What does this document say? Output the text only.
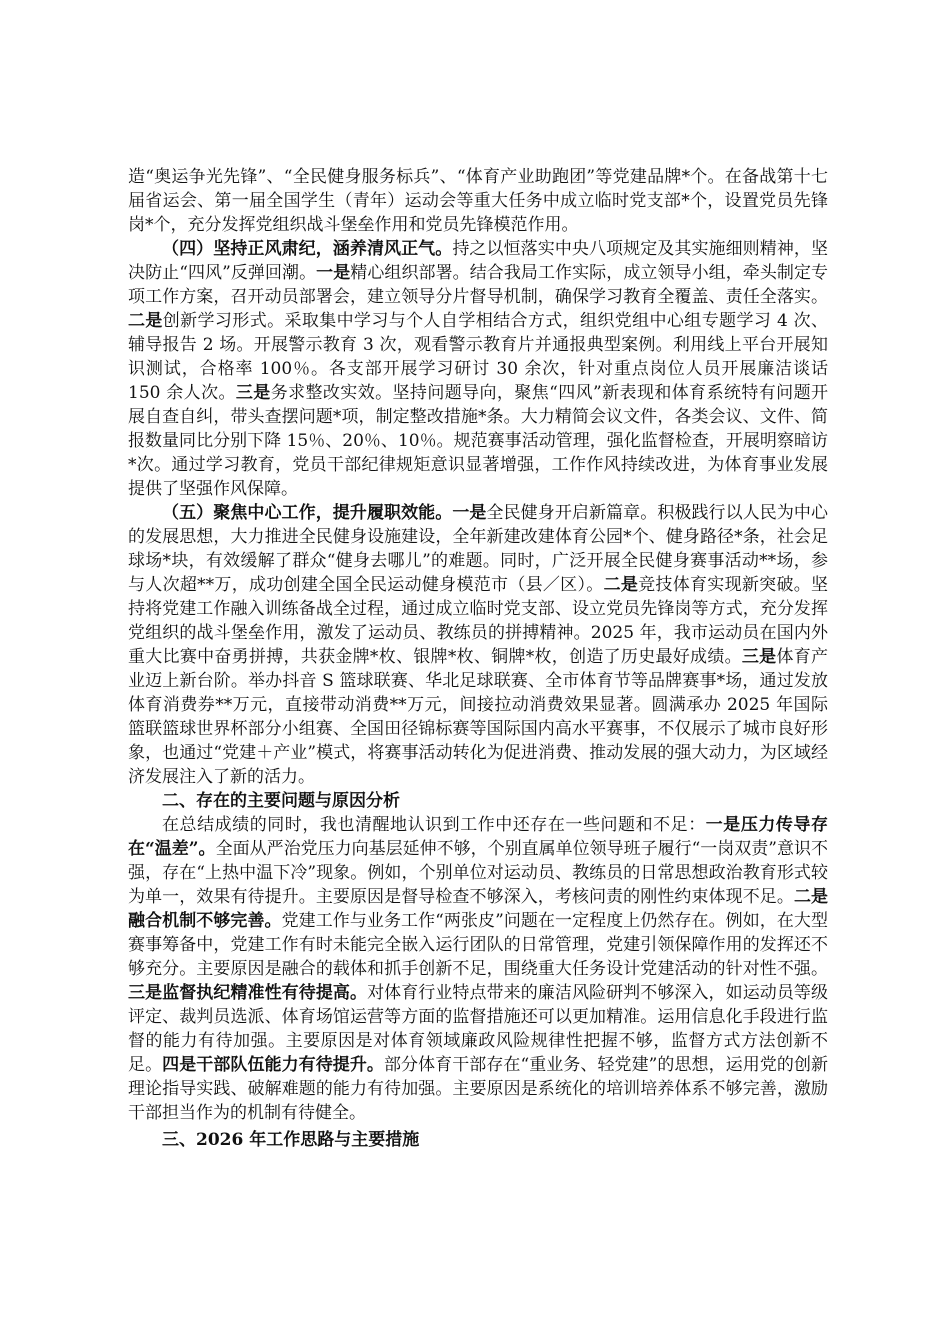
造“奥运争光先锋”、“全民健身服务标兵”、“体育产业助跑团”等党建品牌*个。在备战第十七届省运会、第一届全国学生（青年）运动会等重大任务中成立临时党支部*个，设置党员先锋岗*个，充分发挥党组织战斗堡垒作用和党员先锋模范作用。

（四）坚持正风肃纪，涵养清风正气。持之以恒落实中央八项规定及其实施细则精神，坚决防止“四风”反弹回潮。一是精心组织部署。结合我局工作实际，成立领导小组，牵头制定专项工作方案，召开动员部署会，建立领导分片督导机制，确保学习教育全覆盖、责任全落实。二是创新学习形式。采取集中学习与个人自学相结合方式，组织党组中心组专题学习 4 次、辅导报告 2 场。开展警示教育 3 次，观看警示教育片并通报典型案例。利用线上平台开展知识测试，合格率 100％。各支部开展学习研讨 30 余次，针对重点岗位人员开展廉洁谈话 150 余人次。三是务求整改实效。坚持问题导向，聚焦“四风”新表现和体育系统特有问题开展自查自纠，带头查摆问题*项，制定整改措施*条。大力精简会议文件，各类会议、文件、简报数量同比分别下降 15％、20％、10％。规范赛事活动管理，强化监督检查，开展明察暗访*次。通过学习教育，党员干部纪律规矩意识显著增强，工作作风持续改进，为体育事业发展提供了坚强作风保障。

（五）聚焦中心工作，提升履职效能。一是全民健身开启新篇章。积极践行以人民为中心的发展思想，大力推进全民健身设施建设，全年新建改建体育公园*个、健身路径*条，社会足球场*块，有效缓解了群众“健身去哪儿”的难题。同时，广泛开展全民健身赛事活动**场，参与人次超**万，成功创建全国全民运动健身模范市（县／区）。二是竞技体育实现新突破。坚持将党建工作融入训练备战全过程，通过成立临时党支部、设立党员先锋岗等方式，充分发挥党组织的战斗堡垒作用，激发了运动员、教练员的拼搏精神。2025 年，我市运动员在国内外重大比赛中奋勇拼搏，共获金牌*枚、银牌*枚、铜牌*枚，创造了历史最好成绩。三是体育产业迈上新台阶。举办抖音 S 篮球联赛、华北足球联赛、全市体育节等品牌赛事*场，通过发放体育消费券**万元，直接带动消费**万元，间接拉动消费效果显著。圆满承办 2025 年国际篮联篮球世界杯部分小组赛、全国田径锦标赛等国际国内高水平赛事，不仅展示了城市良好形象，也通过“党建＋产业”模式，将赛事活动转化为促进消费、推动发展的强大动力，为区域经济发展注入了新的活力。

二、存在的主要问题与原因分析

在总结成绩的同时，我也清醒地认识到工作中还存在一些问题和不足：一是压力传导存在“温差”。全面从严治党压力向基层延伸不够，个别直属单位领导班子履行“一岗双责”意识不强，存在“上热中温下冷”现象。例如，个别单位对运动员、教练员的日常思想政治教育形式较为单一，效果有待提升。主要原因是督导检查不够深入，考核问责的刚性约束体现不足。二是融合机制不够完善。党建工作与业务工作“两张皮”问题在一定程度上仍然存在。例如，在大型赛事筹备中，党建工作有时未能完全嵌入运行团队的日常管理，党建引领保障作用的发挥还不够充分。主要原因是融合的载体和抓手创新不足，围绕重大任务设计党建活动的针对性不强。三是监督执纪精准性有待提高。对体育行业特点带来的廉洁风险研判不够深入，如运动员等级评定、裁判员选派、体育场馆运营等方面的监督措施还可以更加精准。运用信息化手段进行监督的能力有待加强。主要原因是对体育领域廉政风险规律性把握不够，监督方式方法创新不足。四是干部队伍能力有待提升。部分体育干部存在“重业务、轻党建”的思想，运用党的创新理论指导实践、破解难题的能力有待加强。主要原因是系统化的培训培养体系不够完善，激励干部担当作为的机制有待健全。

三、2026 年工作思路与主要措施
